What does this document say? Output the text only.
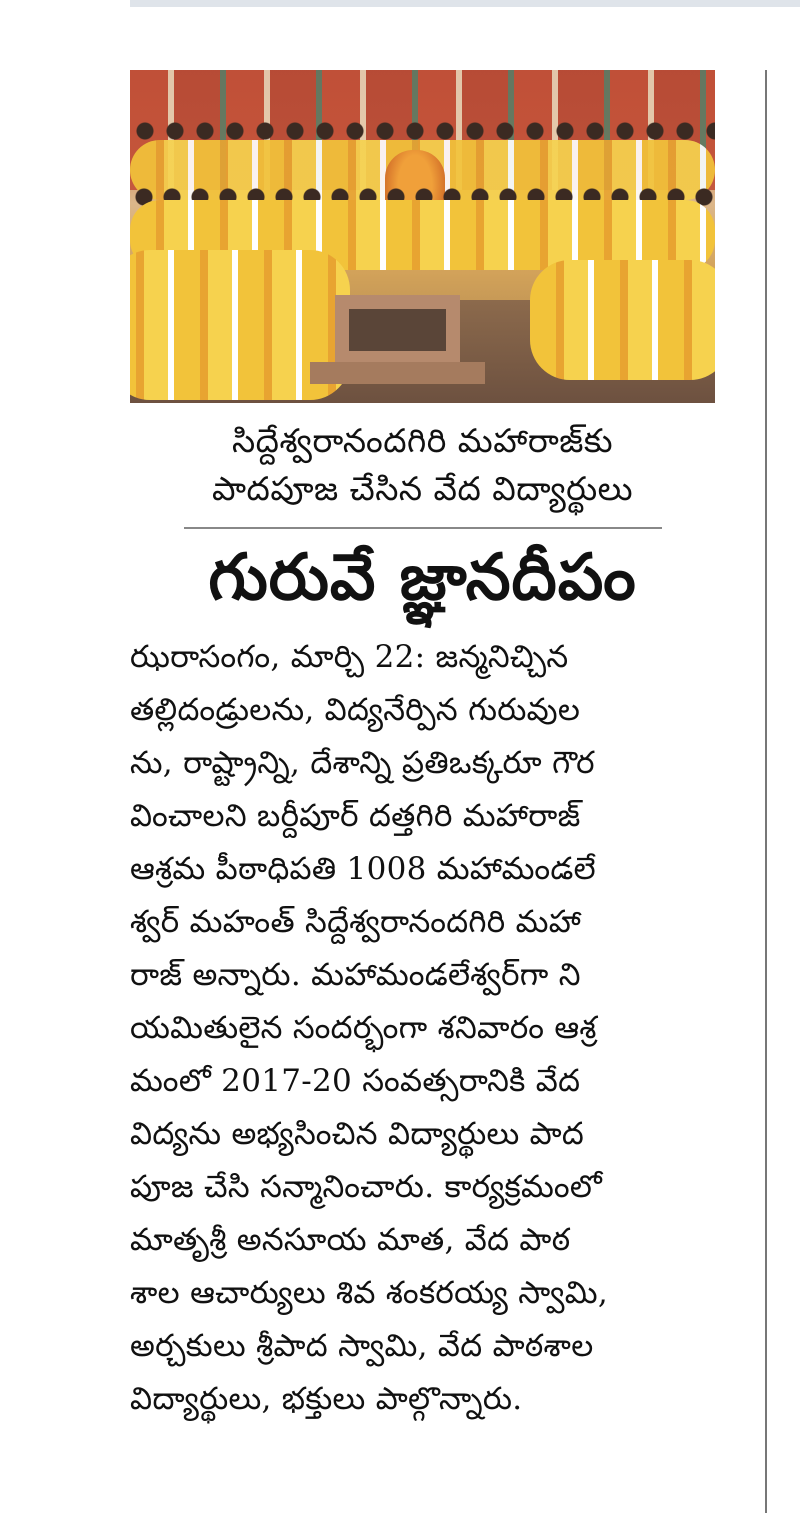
సిద్దేశ్వరానందగిరి మహారాజ్‌కు
పాదపూజ చేసిన వేద విద్యార్థులు
గురువే జ్ఞానదీపం
ఝరాసంగం, మార్చి 22: జన్మనిచ్చిన
తల్లిదండ్రులను, విద్యనేర్పిన గురువుల
ను, రాష్ట్రాన్ని, దేశాన్ని ప్రతిఒక్కరూ గౌర
వించాలని బర్దీపూర్ దత్తగిరి మహారాజ్
ఆశ్రమ పీఠాధిపతి 1008 మహామండలే
శ్వర్ మహంత్ సిద్దేశ్వరానందగిరి మహా
రాజ్ అన్నారు. మహామండలేశ్వర్‌గా ని
యమితులైన సందర్భంగా శనివారం ఆశ్ర
మంలో 2017-20 సంవత్సరానికి వేద
విద్యను అభ్యసించిన విద్యార్థులు పాద
పూజ చేసి సన్మానించారు. కార్యక్రమంలో
మాతృశ్రీ అనసూయ మాత, వేద పాఠ
శాల ఆచార్యులు శివ శంకరయ్య స్వామి,
అర్చకులు శ్రీపాద స్వామి, వేద పాఠశాల
విద్యార్థులు, భక్తులు పాల్గొన్నారు.
